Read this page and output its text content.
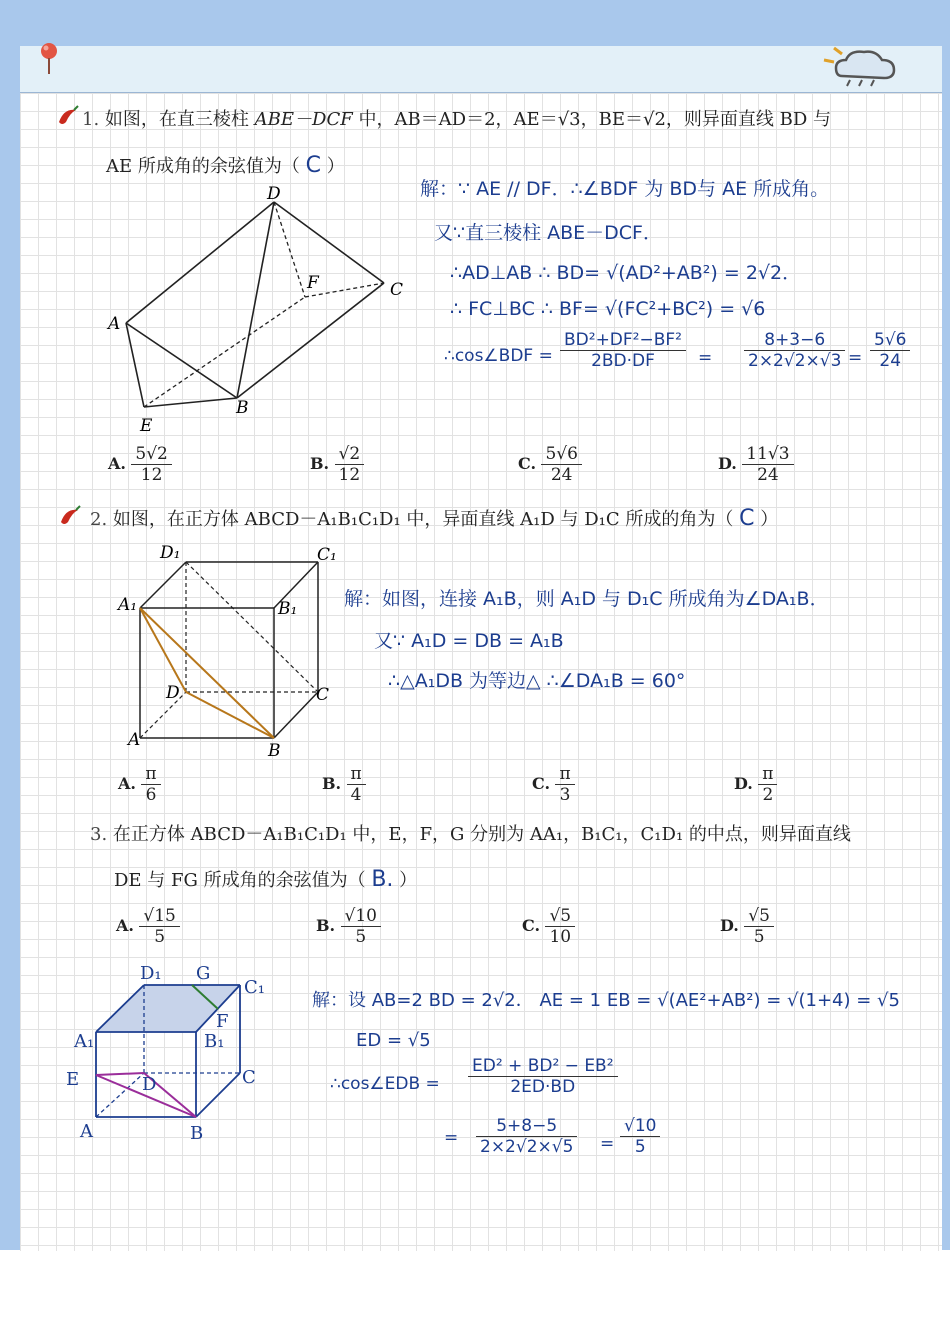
1. 如图，在直三棱柱 ABE－DCF 中，AB＝AD＝2，AE＝√3，BE＝√2，则异面直线 BD 与
AE 所成角的余弦值为（ C ）
D
F	C
A
E
B
解：∵ AE // DF．∴∠BDF 为 BD与 AE 所成角。
又∵直三棱柱 ABE－DCF．
∴AD⊥AB ∴ BD= √(AD²+AB²) = 2√2．
∴ FC⊥BC ∴ BF= √(FC²+BC²) = √6
∴cos∠BDF = $\frac{\text{BD²+DF²−BF²}}{2BD\cdot DF} = \frac{8+3-6}{2\times 2√2\times√3} = \frac{5√6}{24}$
A. $\frac{5√2}{12}$	B. $\frac{√2}{12}$	C. $\frac{5√6}{24}$	D. $\frac{11√3}{24}$
2. 如图，在正方体 ABCD－A₁B₁C₁D₁ 中，异面直线 A₁D 与 D₁C 所成的角为（ C ）
D₁	C₁
A₁	B₁
D	C
A
B
解：如图，连接 A₁B，则 A₁D 与 D₁C 所成角为∠DA₁B．
又∵ A₁D = DB = A₁B
∴△A₁DB 为等边△ ∴∠DA₁B = 60°
A. $\frac{\pi}{6}$	B. $\frac{\pi}{4}$	C. $\frac{\pi}{3}$	D. $\frac{\pi}{2}$
3. 在正方体 ABCD－A₁B₁C₁D₁ 中，E，F，G 分别为 AA₁，B₁C₁，C₁D₁ 的中点，则异面直线
DE 与 FG 所成角的余弦值为（ B. ）
A. $\frac{√15}{5}$	B. $\frac{√10}{5}$	C. $\frac{√5}{10}$	D. $\frac{√5}{5}$
D₁ G
C₁
A₁	B₁
F
E	D	C
A	B
解：设 AB=2 BD = 2√2． AE = 1 EB = √(AE²+AB²) = √(1+4) = √5
ED = √5
∴cos∠EDB = $\frac{\text{ED² + BD² − EB²}}{2ED\cdot BD}$
= $\frac{5+8-5}{2\times 2√2\times√5} = \frac{√10}{5}$
